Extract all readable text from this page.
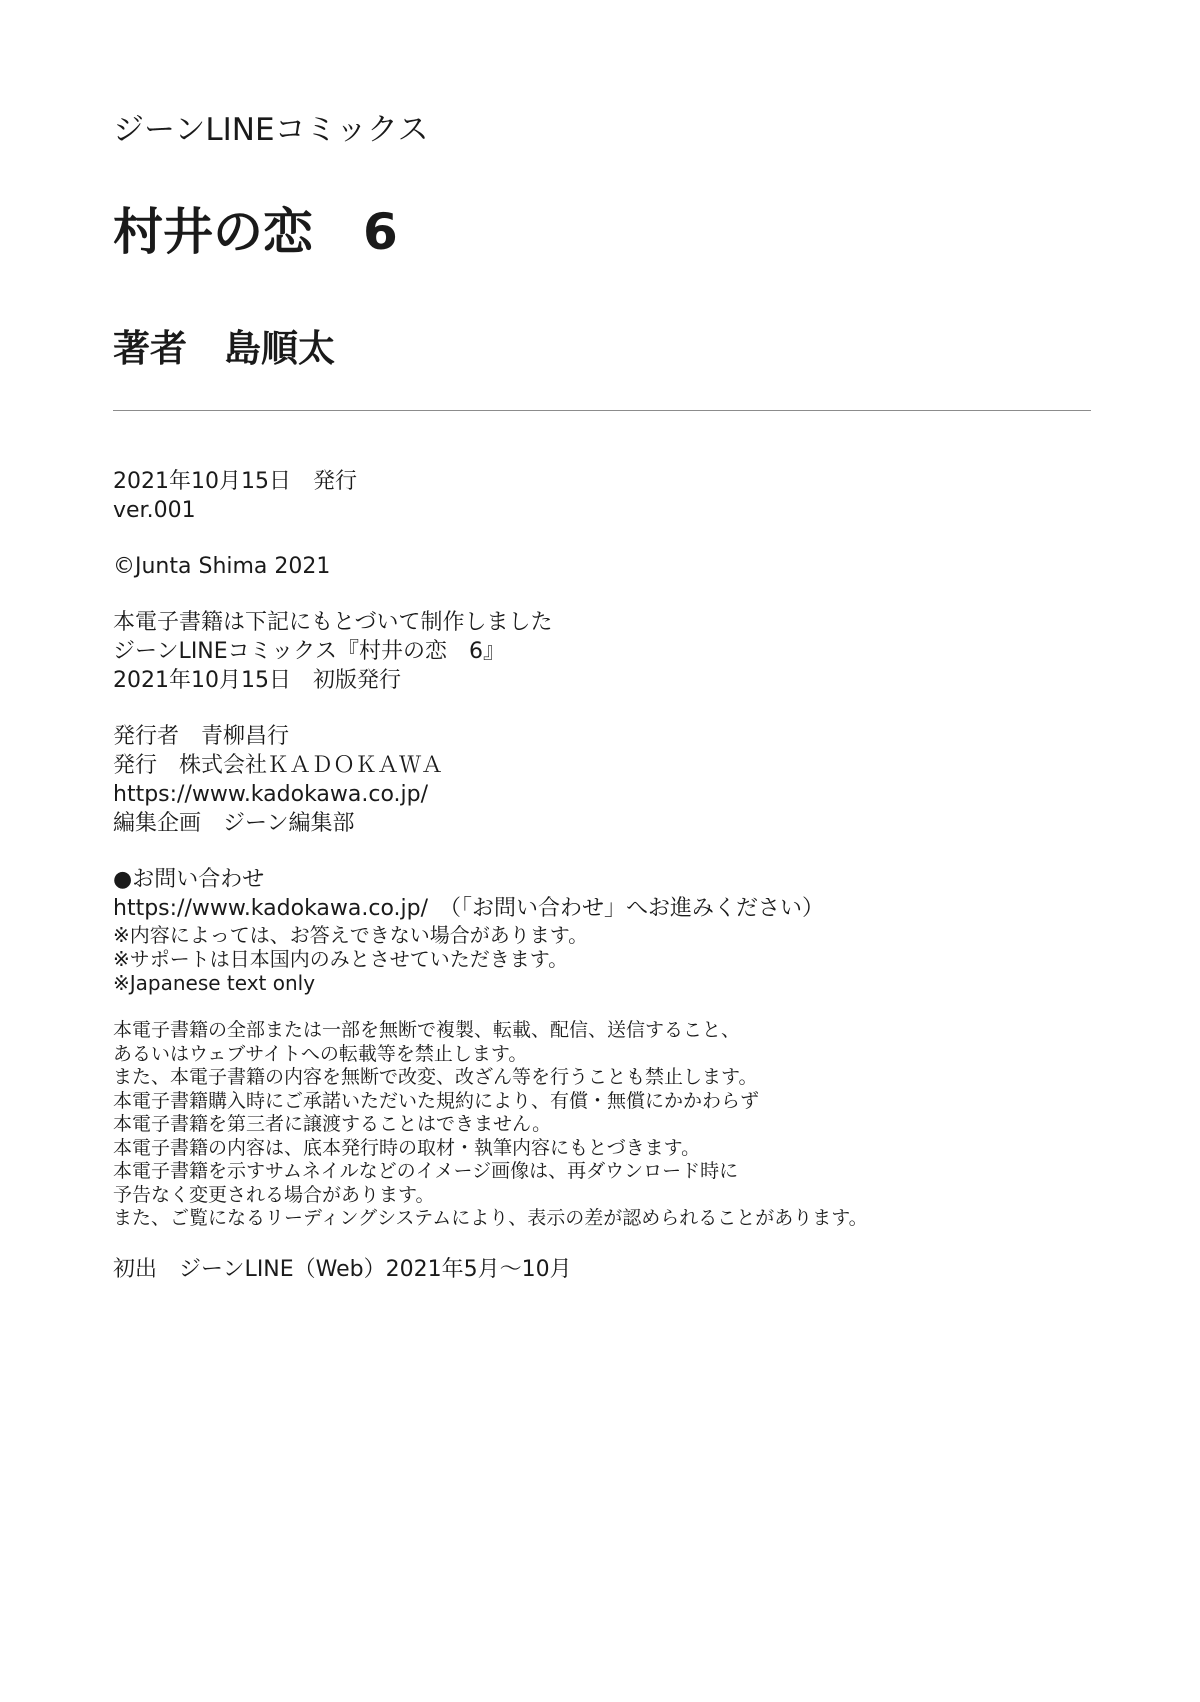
ジーンLINEコミックス

村井の恋　6
著者　島順太
2021年10月15日　発行
ver.001
©Junta Shima 2021
本電子書籍は下記にもとづいて制作しました
ジーンLINEコミックス『村井の恋　6』
2021年10月15日　初版発行
発行者　青柳昌行
発行　株式会社ＫＡＤＯＫＡＷＡ
https://www.kadokawa.co.jp/
編集企画　ジーン編集部
●お問い合わせ
https://www.kadokawa.co.jp/　（「お問い合わせ」へお進みください）
※内容によっては、お答えできない場合があります。
※サポートは日本国内のみとさせていただきます。
※Japanese text only
本電子書籍の全部または一部を無断で複製、転載、配信、送信すること、
あるいはウェブサイトへの転載等を禁止します。
また、本電子書籍の内容を無断で改変、改ざん等を行うことも禁止します。
本電子書籍購入時にご承諾いただいた規約により、有償・無償にかかわらず
本電子書籍を第三者に譲渡することはできません。
本電子書籍の内容は、底本発行時の取材・執筆内容にもとづきます。
本電子書籍を示すサムネイルなどのイメージ画像は、再ダウンロード時に
予告なく変更される場合があります。
また、ご覧になるリーディングシステムにより、表示の差が認められることがあります。
初出　ジーンLINE（Web）2021年5月〜10月
